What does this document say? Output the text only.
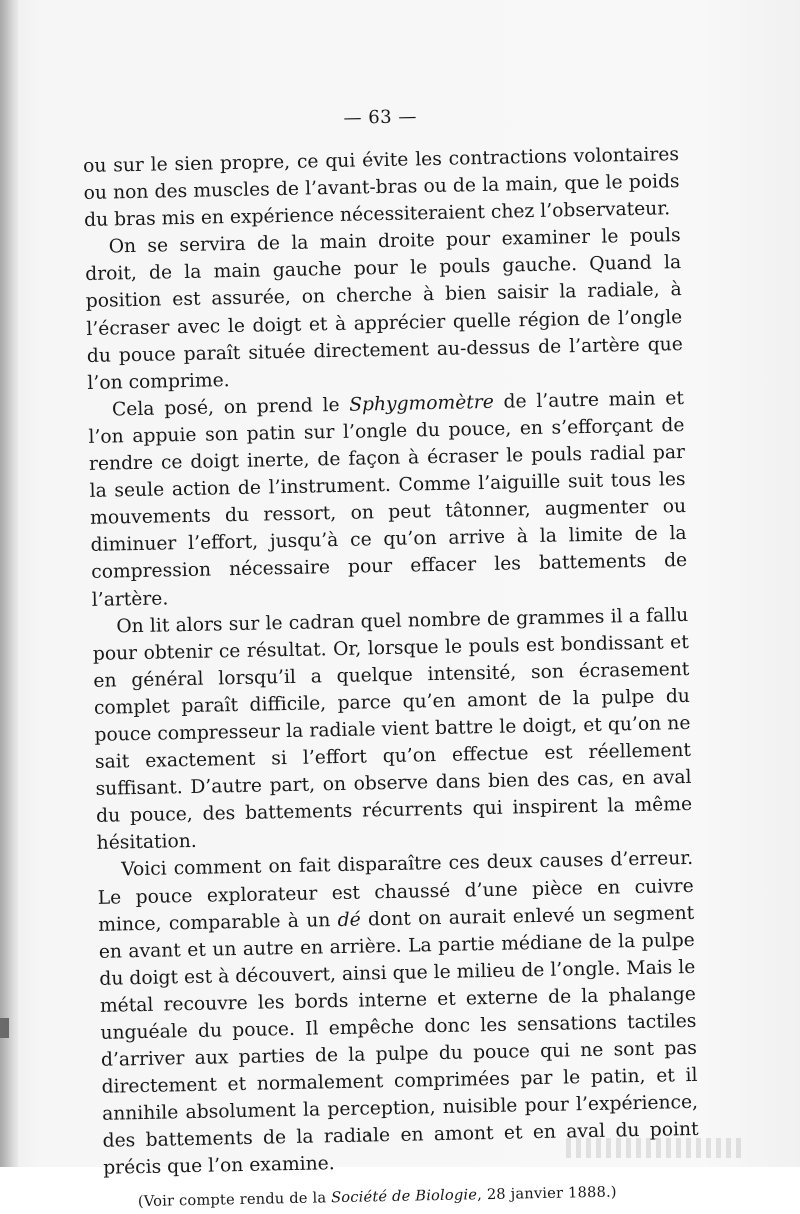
— 63 —

ou sur le sien propre, ce qui évite les contractions volontaires ou non des muscles de l’avant-bras ou de la main, que le poids du bras mis en expérience nécessiteraient chez l’observateur.

On se servira de la main droite pour examiner le pouls droit, de la main gauche pour le pouls gauche. Quand la position est assurée, on cherche à bien saisir la radiale, à l’écraser avec le doigt et à apprécier quelle région de l’ongle du pouce paraît située directement au-dessus de l’artère que l’on comprime.

Cela posé, on prend le Sphygmomètre de l’autre main et l’on appuie son patin sur l’ongle du pouce, en s’efforçant de rendre ce doigt inerte, de façon à écraser le pouls radial par la seule action de l’instrument. Comme l’aiguille suit tous les mouvements du ressort, on peut tâtonner, augmenter ou diminuer l’effort, jusqu’à ce qu’on arrive à la limite de la compression nécessaire pour effacer les battements de l’artère.

On lit alors sur le cadran quel nombre de grammes il a fallu pour obtenir ce résultat. Or, lorsque le pouls est bondissant et en général lorsqu’il a quelque intensité, son écrasement complet paraît difficile, parce qu’en amont de la pulpe du pouce compresseur la radiale vient battre le doigt, et qu’on ne sait exactement si l’effort qu’on effectue est réellement suffisant. D’autre part, on observe dans bien des cas, en aval du pouce, des battements récurrents qui inspirent la même hésitation.

Voici comment on fait disparaître ces deux causes d’erreur. Le pouce explorateur est chaussé d’une pièce en cuivre mince, comparable à un dé dont on aurait enlevé un segment en avant et un autre en arrière. La partie médiane de la pulpe du doigt est à découvert, ainsi que le milieu de l’ongle. Mais le métal recouvre les bords interne et externe de la phalange unguéale du pouce. Il empêche donc les sensations tactiles d’arriver aux parties de la pulpe du pouce qui ne sont pas directement et normalement comprimées par le patin, et il annihile absolument la perception, nuisible pour l’expérience, des battements de la radiale en amont et en aval du point précis que l’on examine.

(Voir compte rendu de la Société de Biologie, 28 janvier 1888.)
